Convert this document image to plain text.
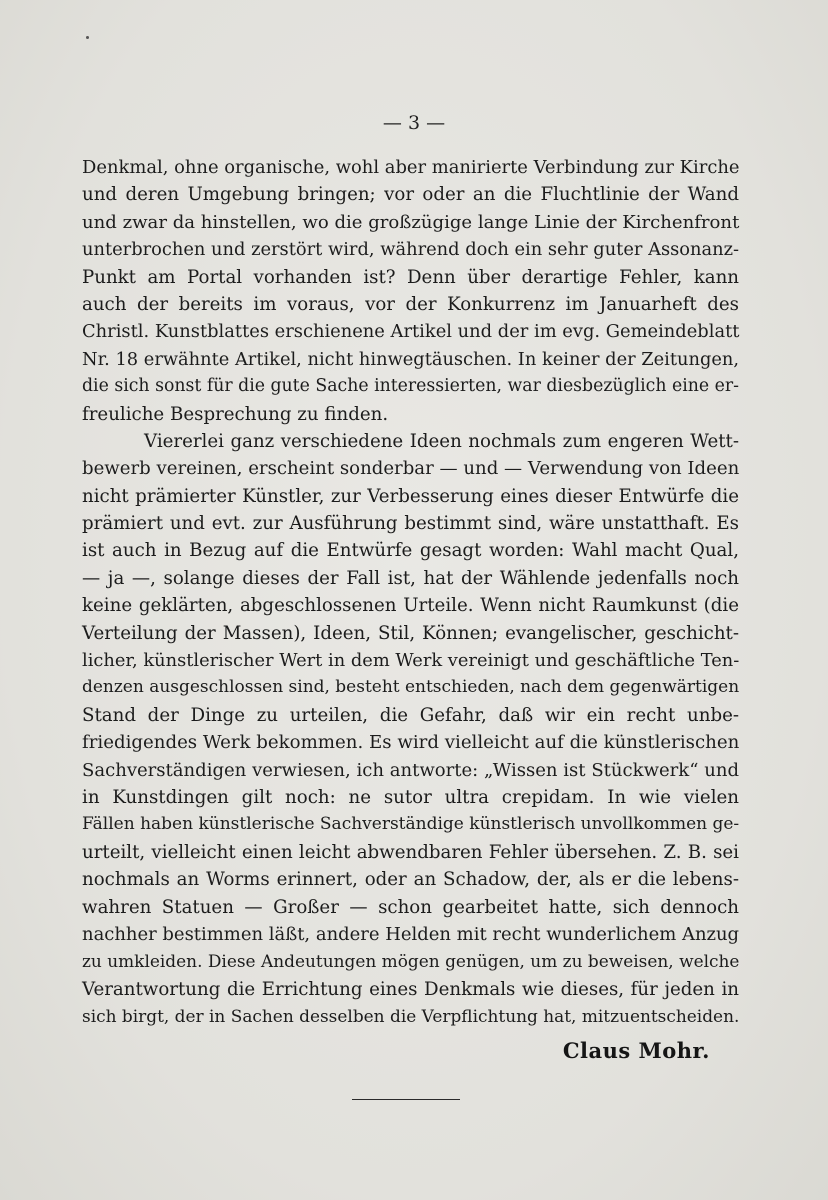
— 3 —
Denkmal, ohne organische, wohl aber manirierte Verbindung zur Kirche
und deren Umgebung bringen; vor oder an die Fluchtlinie der Wand
und zwar da hinstellen, wo die großzügige lange Linie der Kirchenfront
unterbrochen und zerstört wird, während doch ein sehr guter Assonanz-
Punkt am Portal vorhanden ist? Denn über derartige Fehler, kann
auch der bereits im voraus, vor der Konkurrenz im Januarheft des
Christl. Kunstblattes erschienene Artikel und der im evg. Gemeindeblatt
Nr. 18 erwähnte Artikel, nicht hinwegtäuschen. In keiner der Zeitungen,
die sich sonst für die gute Sache interessierten, war diesbezüglich eine er-
freuliche Besprechung zu finden.
Viererlei ganz verschiedene Ideen nochmals zum engeren Wett-
bewerb vereinen, erscheint sonderbar — und — Verwendung von Ideen
nicht prämierter Künstler, zur Verbesserung eines dieser Entwürfe die
prämiert und evt. zur Ausführung bestimmt sind, wäre unstatthaft. Es
ist auch in Bezug auf die Entwürfe gesagt worden: Wahl macht Qual,
— ja —, solange dieses der Fall ist, hat der Wählende jedenfalls noch
keine geklärten, abgeschlossenen Urteile. Wenn nicht Raumkunst (die
Verteilung der Massen), Ideen, Stil, Können; evangelischer, geschicht-
licher, künstlerischer Wert in dem Werk vereinigt und geschäftliche Ten-
denzen ausgeschlossen sind, besteht entschieden, nach dem gegenwärtigen
Stand der Dinge zu urteilen, die Gefahr, daß wir ein recht unbe-
friedigendes Werk bekommen. Es wird vielleicht auf die künstlerischen
Sachverständigen verwiesen, ich antworte: „Wissen ist Stückwerk“ und
in Kunstdingen gilt noch: ne sutor ultra crepidam. In wie vielen
Fällen haben künstlerische Sachverständige künstlerisch unvollkommen ge-
urteilt, vielleicht einen leicht abwendbaren Fehler übersehen. Z. B. sei
nochmals an Worms erinnert, oder an Schadow, der, als er die lebens-
wahren Statuen — Großer — schon gearbeitet hatte, sich dennoch
nachher bestimmen läßt, andere Helden mit recht wunderlichem Anzug
zu umkleiden. Diese Andeutungen mögen genügen, um zu beweisen, welche
Verantwortung die Errichtung eines Denkmals wie dieses, für jeden in
sich birgt, der in Sachen desselben die Verpflichtung hat, mitzuentscheiden.
Claus Mohr.
